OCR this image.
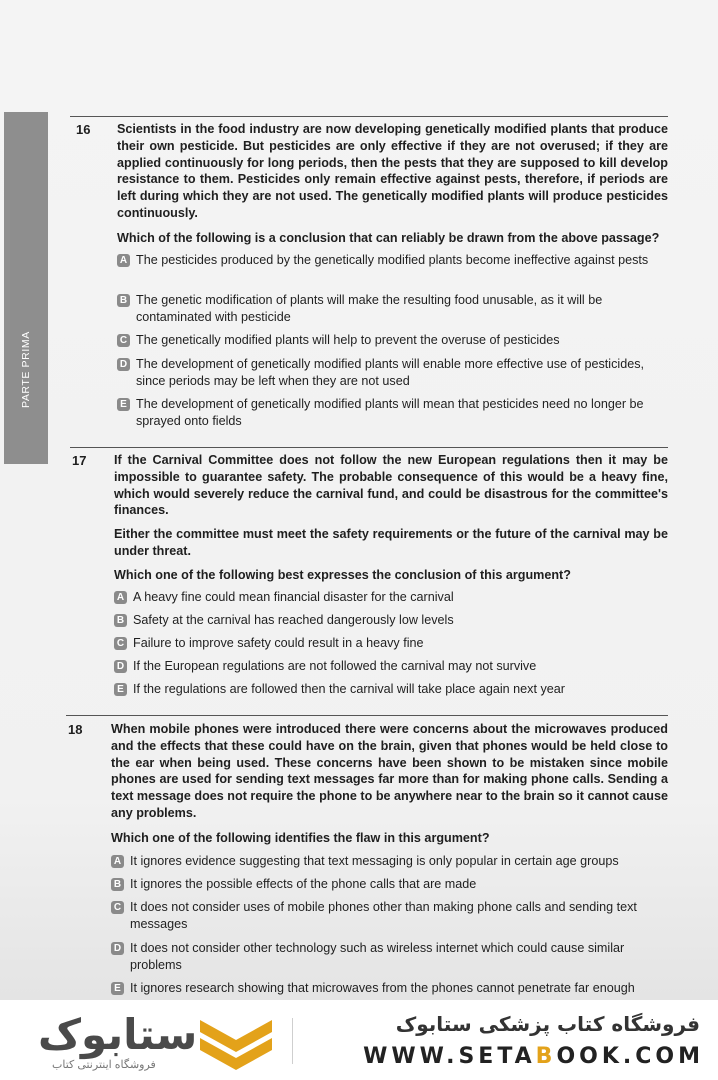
PARTE PRIMA
16 Scientists in the food industry are now developing genetically modified plants that produce their own pesticide. But pesticides are only effective if they are not overused; if they are applied continuously for long periods, then the pests that they are supposed to kill develop resistance to them. Pesticides only remain effective against pests, therefore, if periods are left during which they are not used. The genetically modified plants will produce pesticides continuously.

Which of the following is a conclusion that can reliably be drawn from the above passage?

A The pesticides produced by the genetically modified plants become ineffective against pests
B The genetic modification of plants will make the resulting food unusable, as it will be contaminated with pesticide
C The genetically modified plants will help to prevent the overuse of pesticides
D The development of genetically modified plants will enable more effective use of pesticides, since periods may be left when they are not used
E The development of genetically modified plants will mean that pesticides need no longer be sprayed onto fields
17 If the Carnival Committee does not follow the new European regulations then it may be impossible to guarantee safety. The probable consequence of this would be a heavy fine, which would severely reduce the carnival fund, and could be disastrous for the committee's finances.

Either the committee must meet the safety requirements or the future of the carnival may be under threat.

Which one of the following best expresses the conclusion of this argument?

A A heavy fine could mean financial disaster for the carnival
B Safety at the carnival has reached dangerously low levels
C Failure to improve safety could result in a heavy fine
D If the European regulations are not followed the carnival may not survive
E If the regulations are followed then the carnival will take place again next year
18 When mobile phones were introduced there were concerns about the microwaves produced and the effects that these could have on the brain, given that phones would be held close to the ear when being used. These concerns have been shown to be mistaken since mobile phones are used for sending text messages far more than for making phone calls. Sending a text message does not require the phone to be anywhere near to the brain so it cannot cause any problems.

Which one of the following identifies the flaw in this argument?

A It ignores evidence suggesting that text messaging is only popular in certain age groups
B It ignores the possible effects of the phone calls that are made
C It does not consider uses of mobile phones other than making phone calls and sending text messages
D It does not consider other technology such as wireless internet which could cause similar problems
E It ignores research showing that microwaves from the phones cannot penetrate far enough
ستابوک
فروشگاه اینترنتی کتاب
فروشگاه کتاب پزشکی ستابوک
WWW.SETABOOK.COM
